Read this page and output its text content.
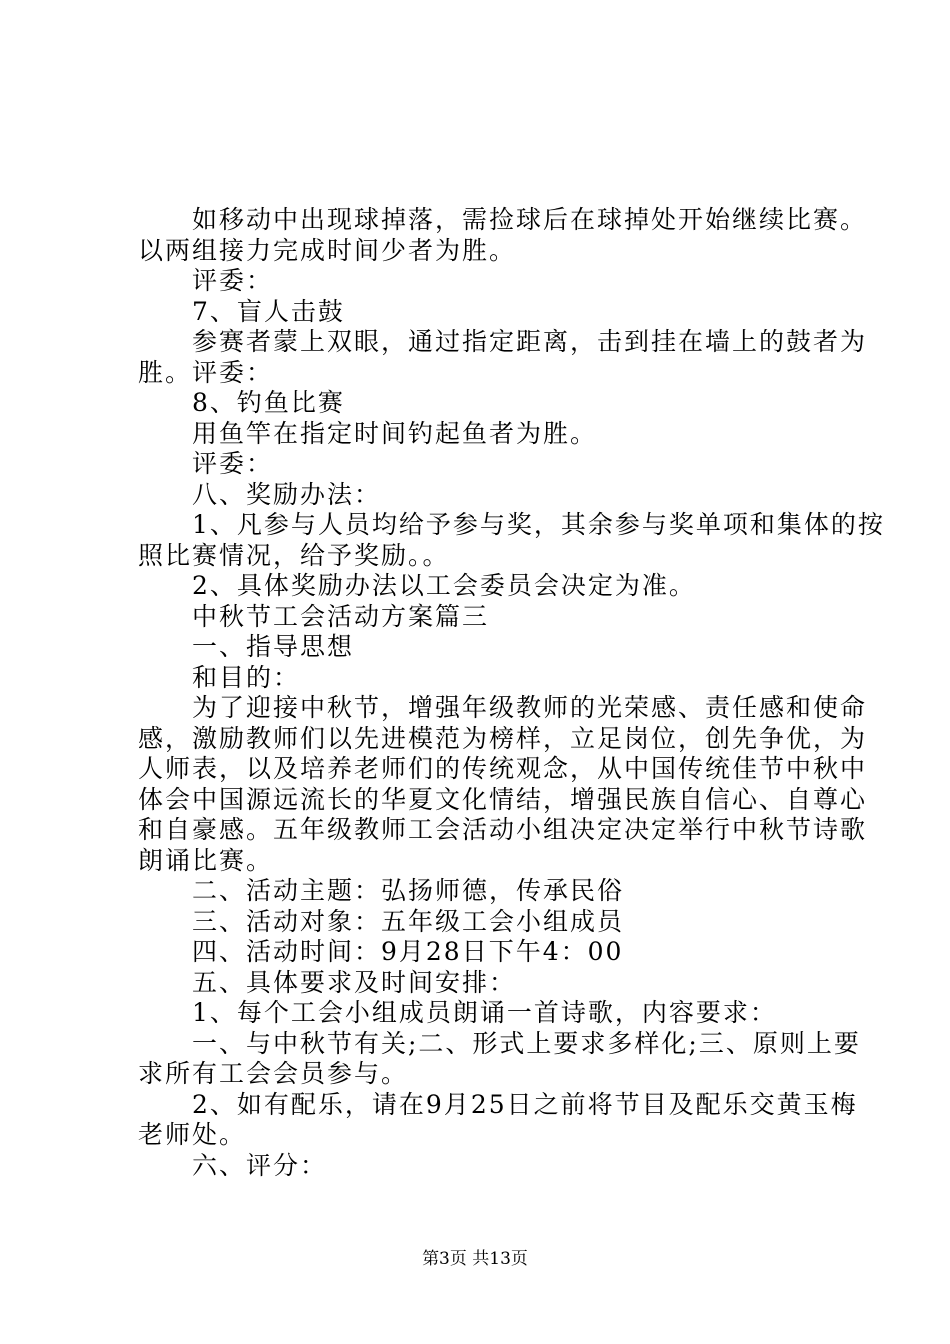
　　如移动中出现球掉落，需捡球后在球掉处开始继续比赛。
以两组接力完成时间少者为胜。
　　评委：
　　7、盲人击鼓
　　参赛者蒙上双眼，通过指定距离，击到挂在墙上的鼓者为
胜。评委：
　　8、钓鱼比赛
　　用鱼竿在指定时间钓起鱼者为胜。
　　评委：
　　八、奖励办法：
　　1、凡参与人员均给予参与奖，其余参与奖单项和集体的按
照比赛情况，给予奖励。。
　　2、具体奖励办法以工会委员会决定为准。
　　中秋节工会活动方案篇三
　　一、指导思想
　　和目的：
　　为了迎接中秋节，增强年级教师的光荣感、责任感和使命
感，激励教师们以先进模范为榜样，立足岗位，创先争优，为
人师表，以及培养老师们的传统观念，从中国传统佳节中秋中
体会中国源远流长的华夏文化情结，增强民族自信心、自尊心
和自豪感。五年级教师工会活动小组决定决定举行中秋节诗歌
朗诵比赛。
　　二、活动主题：弘扬师德，传承民俗
　　三、活动对象：五年级工会小组成员
　　四、活动时间：9月28日下午4：00
　　五、具体要求及时间安排：
　　1、每个工会小组成员朗诵一首诗歌，内容要求：
　　一、与中秋节有关;二、形式上要求多样化;三、原则上要
求所有工会会员参与。
　　2、如有配乐，请在9月25日之前将节目及配乐交黄玉梅
老师处。
　　六、评分：
第3页 共13页
